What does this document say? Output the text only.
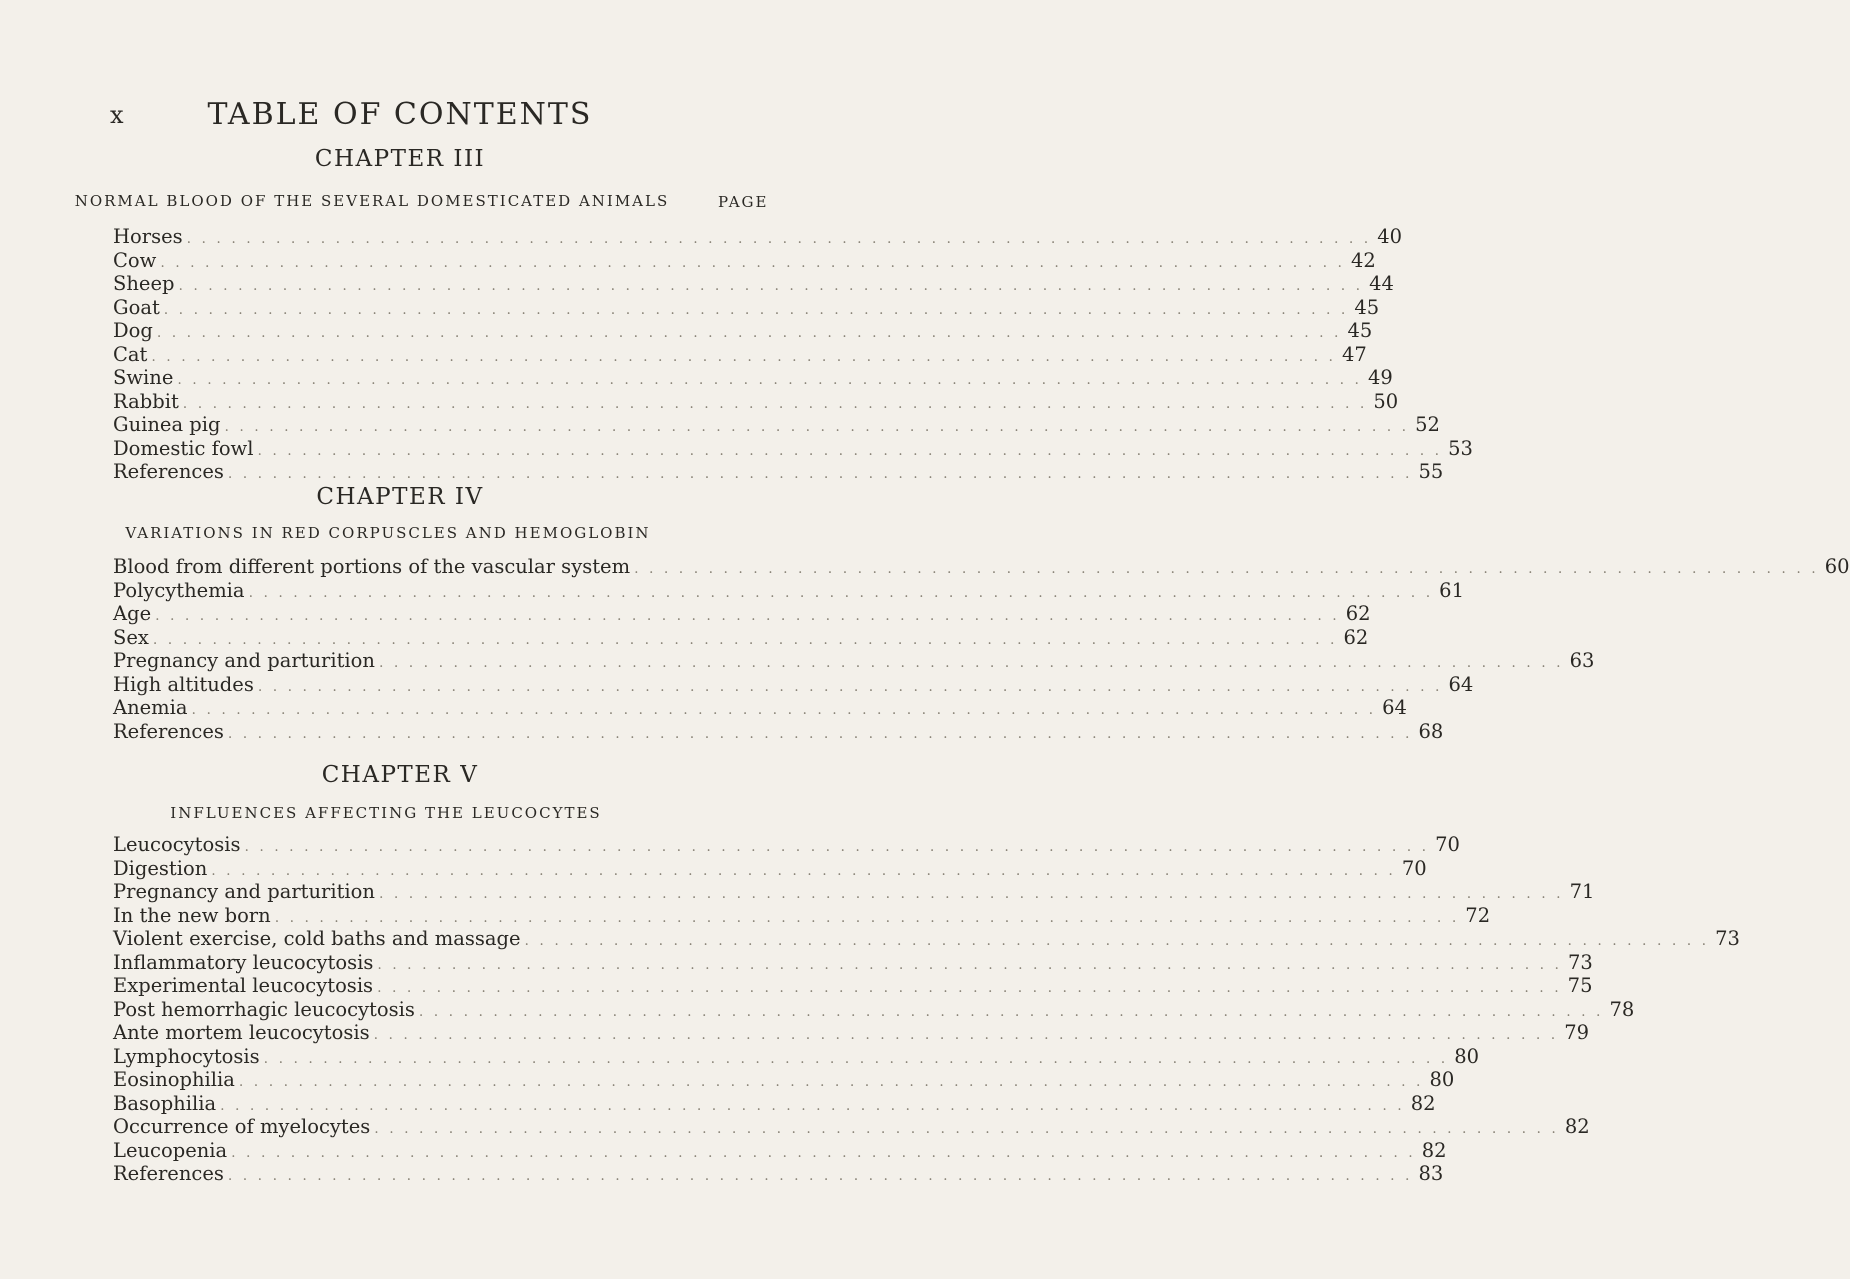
x	TABLE OF CONTENTS
PAGE
CHAPTER III
NORMAL BLOOD OF THE SEVERAL DOMESTICATED ANIMALS
Horses . . . . . . . . . . . . . . . . . . . . . . . . . . . . . . . . . . . . . . . . . . . . . . . . . . . . . . . . . . . . . . . . . . . . . . . . . . . . . . . . 40
Cow . . . . . . . . . . . . . . . . . . . . . . . . . . . . . . . . . . . . . . . . . . . . . . . . . . . . . . . . . . . . . . . . . . . . . . . . . . . . . . . . 42
Sheep . . . . . . . . . . . . . . . . . . . . . . . . . . . . . . . . . . . . . . . . . . . . . . . . . . . . . . . . . . . . . . . . . . . . . . . . . . . . . . . . 44
Goat . . . . . . . . . . . . . . . . . . . . . . . . . . . . . . . . . . . . . . . . . . . . . . . . . . . . . . . . . . . . . . . . . . . . . . . . . . . . . . . . 45
Dog . . . . . . . . . . . . . . . . . . . . . . . . . . . . . . . . . . . . . . . . . . . . . . . . . . . . . . . . . . . . . . . . . . . . . . . . . . . . . . . . 45
Cat . . . . . . . . . . . . . . . . . . . . . . . . . . . . . . . . . . . . . . . . . . . . . . . . . . . . . . . . . . . . . . . . . . . . . . . . . . . . . . . . 47
Swine . . . . . . . . . . . . . . . . . . . . . . . . . . . . . . . . . . . . . . . . . . . . . . . . . . . . . . . . . . . . . . . . . . . . . . . . . . . . . . . . 49
Rabbit . . . . . . . . . . . . . . . . . . . . . . . . . . . . . . . . . . . . . . . . . . . . . . . . . . . . . . . . . . . . . . . . . . . . . . . . . . . . . . . . 50
Guinea pig . . . . . . . . . . . . . . . . . . . . . . . . . . . . . . . . . . . . . . . . . . . . . . . . . . . . . . . . . . . . . . . . . . . . . . . . . . . . . . . . 52
Domestic fowl . . . . . . . . . . . . . . . . . . . . . . . . . . . . . . . . . . . . . . . . . . . . . . . . . . . . . . . . . . . . . . . . . . . . . . . . . . . . . . . . 53
References . . . . . . . . . . . . . . . . . . . . . . . . . . . . . . . . . . . . . . . . . . . . . . . . . . . . . . . . . . . . . . . . . . . . . . . . . . . . . . . . 55
CHAPTER IV
VARIATIONS IN RED CORPUSCLES AND HEMOGLOBIN
Blood from different portions of the vascular system . . . . . . . . . . . . . . . . . . . . . . . . . . . . . . . . . . . . . . . . . . . . . . . . . . . . . . . . . . . . . . . . . . . . . . . . . . . . . . . . 60
Polycythemia . . . . . . . . . . . . . . . . . . . . . . . . . . . . . . . . . . . . . . . . . . . . . . . . . . . . . . . . . . . . . . . . . . . . . . . . . . . . . . . . 61
Age . . . . . . . . . . . . . . . . . . . . . . . . . . . . . . . . . . . . . . . . . . . . . . . . . . . . . . . . . . . . . . . . . . . . . . . . . . . . . . . . 62
Sex . . . . . . . . . . . . . . . . . . . . . . . . . . . . . . . . . . . . . . . . . . . . . . . . . . . . . . . . . . . . . . . . . . . . . . . . . . . . . . . . 62
Pregnancy and parturition . . . . . . . . . . . . . . . . . . . . . . . . . . . . . . . . . . . . . . . . . . . . . . . . . . . . . . . . . . . . . . . . . . . . . . . . . . . . . . . . 63
High altitudes . . . . . . . . . . . . . . . . . . . . . . . . . . . . . . . . . . . . . . . . . . . . . . . . . . . . . . . . . . . . . . . . . . . . . . . . . . . . . . . . 64
Anemia . . . . . . . . . . . . . . . . . . . . . . . . . . . . . . . . . . . . . . . . . . . . . . . . . . . . . . . . . . . . . . . . . . . . . . . . . . . . . . . . 64
References . . . . . . . . . . . . . . . . . . . . . . . . . . . . . . . . . . . . . . . . . . . . . . . . . . . . . . . . . . . . . . . . . . . . . . . . . . . . . . . . 68
CHAPTER V
INFLUENCES AFFECTING THE LEUCOCYTES
Leucocytosis . . . . . . . . . . . . . . . . . . . . . . . . . . . . . . . . . . . . . . . . . . . . . . . . . . . . . . . . . . . . . . . . . . . . . . . . . . . . . . . . 70
Digestion . . . . . . . . . . . . . . . . . . . . . . . . . . . . . . . . . . . . . . . . . . . . . . . . . . . . . . . . . . . . . . . . . . . . . . . . . . . . . . . . 70
Pregnancy and parturition . . . . . . . . . . . . . . . . . . . . . . . . . . . . . . . . . . . . . . . . . . . . . . . . . . . . . . . . . . . . . . . . . . . . . . . . . . . . . . . . 71
In the new born . . . . . . . . . . . . . . . . . . . . . . . . . . . . . . . . . . . . . . . . . . . . . . . . . . . . . . . . . . . . . . . . . . . . . . . . . . . . . . . . 72
Violent exercise, cold baths and massage . . . . . . . . . . . . . . . . . . . . . . . . . . . . . . . . . . . . . . . . . . . . . . . . . . . . . . . . . . . . . . . . . . . . . . . . . . . . . . . . 73
Inflammatory leucocytosis . . . . . . . . . . . . . . . . . . . . . . . . . . . . . . . . . . . . . . . . . . . . . . . . . . . . . . . . . . . . . . . . . . . . . . . . . . . . . . . . 73
Experimental leucocytosis . . . . . . . . . . . . . . . . . . . . . . . . . . . . . . . . . . . . . . . . . . . . . . . . . . . . . . . . . . . . . . . . . . . . . . . . . . . . . . . . 75
Post hemorrhagic leucocytosis . . . . . . . . . . . . . . . . . . . . . . . . . . . . . . . . . . . . . . . . . . . . . . . . . . . . . . . . . . . . . . . . . . . . . . . . . . . . . . . . 78
Ante mortem leucocytosis . . . . . . . . . . . . . . . . . . . . . . . . . . . . . . . . . . . . . . . . . . . . . . . . . . . . . . . . . . . . . . . . . . . . . . . . . . . . . . . . 79
Lymphocytosis . . . . . . . . . . . . . . . . . . . . . . . . . . . . . . . . . . . . . . . . . . . . . . . . . . . . . . . . . . . . . . . . . . . . . . . . . . . . . . . . 80
Eosinophilia . . . . . . . . . . . . . . . . . . . . . . . . . . . . . . . . . . . . . . . . . . . . . . . . . . . . . . . . . . . . . . . . . . . . . . . . . . . . . . . . 80
Basophilia . . . . . . . . . . . . . . . . . . . . . . . . . . . . . . . . . . . . . . . . . . . . . . . . . . . . . . . . . . . . . . . . . . . . . . . . . . . . . . . . 82
Occurrence of myelocytes . . . . . . . . . . . . . . . . . . . . . . . . . . . . . . . . . . . . . . . . . . . . . . . . . . . . . . . . . . . . . . . . . . . . . . . . . . . . . . . . 82
Leucopenia . . . . . . . . . . . . . . . . . . . . . . . . . . . . . . . . . . . . . . . . . . . . . . . . . . . . . . . . . . . . . . . . . . . . . . . . . . . . . . . . 82
References . . . . . . . . . . . . . . . . . . . . . . . . . . . . . . . . . . . . . . . . . . . . . . . . . . . . . . . . . . . . . . . . . . . . . . . . . . . . . . . . 83
